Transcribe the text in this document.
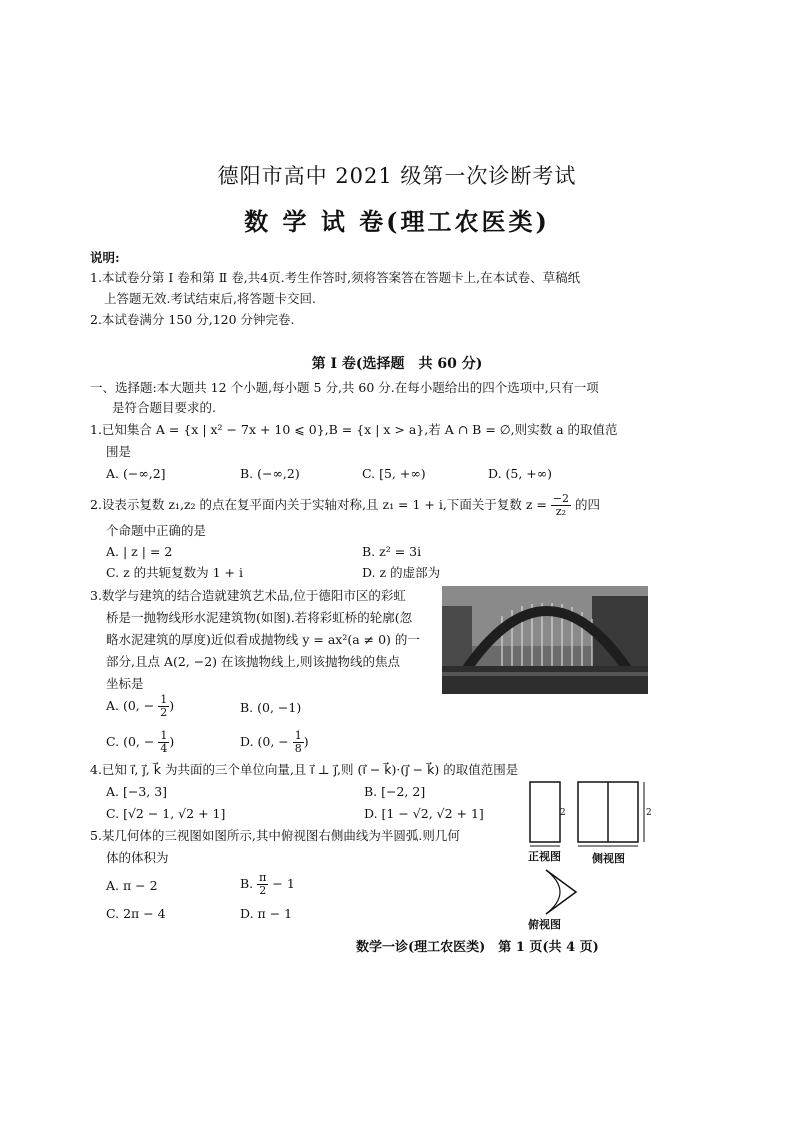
德阳市高中 2021 级第一次诊断考试
数 学 试 卷(理工农医类)
说明:
1.本试卷分第 Ⅰ 卷和第 Ⅱ 卷,共4页.考生作答时,须将答案答在答题卡上,在本试卷、草稿纸
上答题无效.考试结束后,将答题卡交回.
2.本试卷满分 150 分,120 分钟完卷.
第 Ⅰ 卷(选择题　共 60 分)
一、选择题:本大题共 12 个小题,每小题 5 分,共 60 分.在每小题给出的四个选项中,只有一项
是符合题目要求的.
1.已知集合 A = {x | x² − 7x + 10 ⩽ 0},B = {x | x > a},若 A ∩ B = ∅,则实数 a 的取值范
围是
A. (−∞,2]	B. (−∞,2)	C. [5, +∞)	D. (5, +∞)
2.设表示复数 z₁,z₂ 的点在复平面内关于实轴对称,且 z₁ = 1 + i,下面关于复数 $z = \frac{-2}{\text{z₂}}$ 的四
个命题中正确的是
A. | z | = 2	B. z² = 3i
C. z 的共轭复数为 1 + i	D. z 的虚部为
3.数学与建筑的结合造就建筑艺术品,位于德阳市区的彩虹
桥是一抛物线形水泥建筑物(如图).若将彩虹桥的轮廓(忽
略水泥建筑的厚度)近似看成抛物线 y = ax²(a ≠ 0) 的一
部分,且点 A(2, −2) 在该抛物线上,则该抛物线的焦点
坐标是
A. (0, − $\frac{1}{2}$ )	B. (0, −1)
C. (0, − $\frac{1}{4}$ )	D. (0, − $\frac{1}{8}$ )
4.已知 i⃗, j⃗, k⃗ 为共面的三个单位向量,且 i⃗ ⊥ j⃗,则 (i⃗ − k⃗)·(j⃗ − k⃗) 的取值范围是
A. [−3, 3]	B. [−2, 2]
C. [√2 − 1, √2 + 1]	D. [1 − √2, √2 + 1]
5.某几何体的三视图如图所示,其中俯视图右侧曲线为半圆弧.则几何
体的体积为
A. π − 2	B. $\frac{\pi}{2} - 1$
C. 2π − 4	D. π − 1
2	2
正视图	侧视图
俯视图
数学一诊(理工农医类)　第 1 页(共 4 页)
